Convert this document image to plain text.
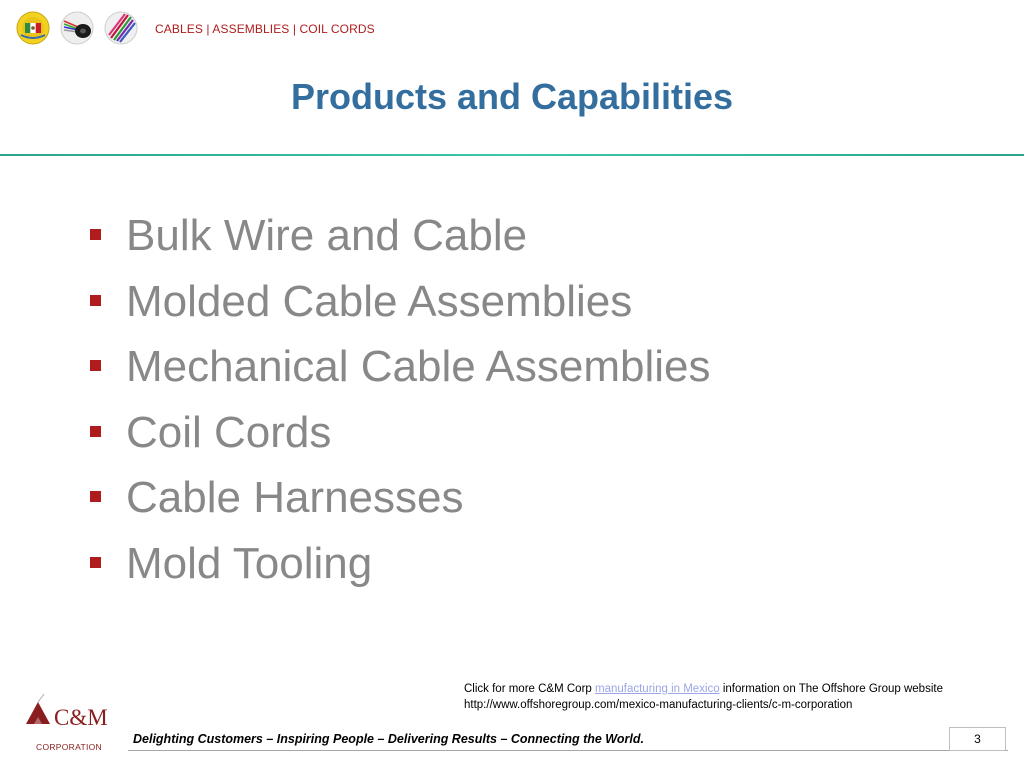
CABLES | ASSEMBLIES | COIL CORDS
Products and Capabilities
Bulk Wire and Cable
Molded Cable Assemblies
Mechanical Cable Assemblies
Coil Cords
Cable Harnesses
Mold Tooling
Click for more C&M Corp manufacturing in Mexico information on The Offshore Group website
http://www.offshoregroup.com/mexico-manufacturing-clients/c-m-corporation
C&M
CORPORATION
Delighting Customers – Inspiring People – Delivering Results – Connecting the World.	3
